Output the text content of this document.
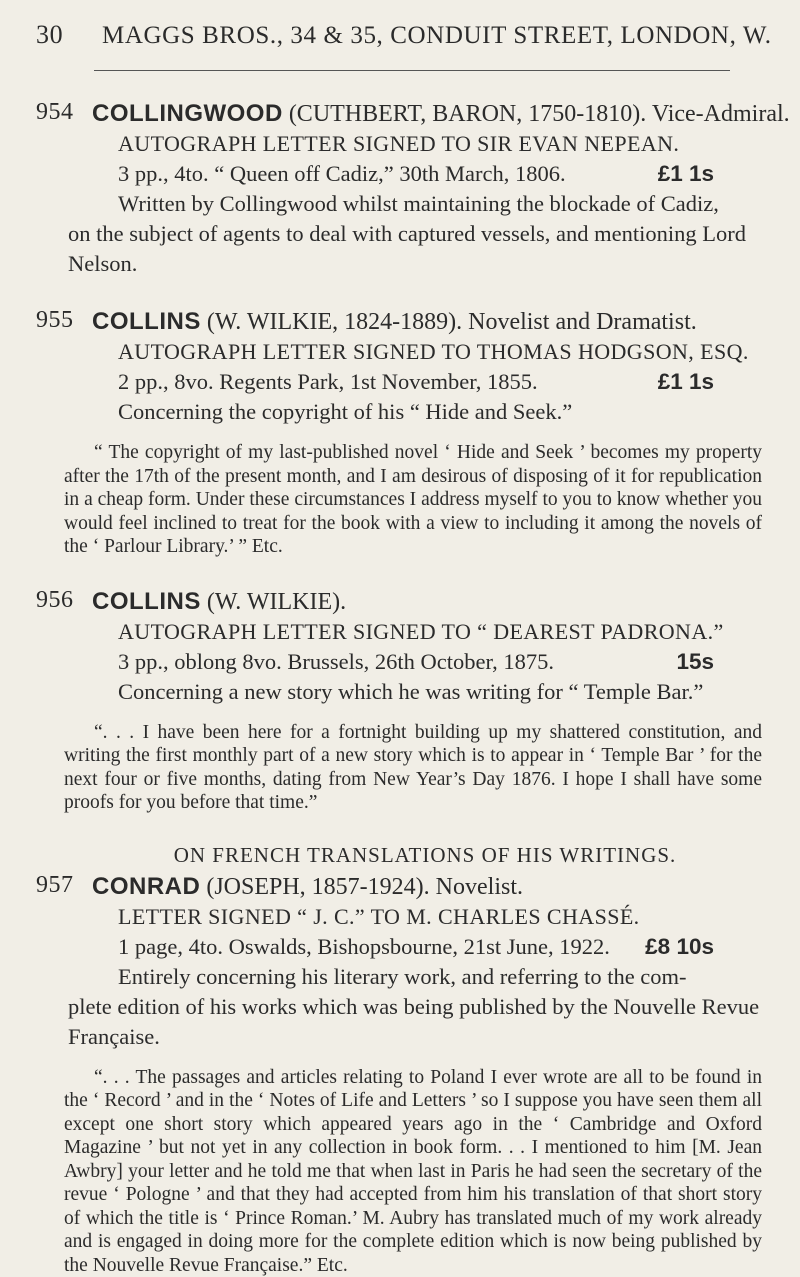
30	MAGGS BROS., 34 & 35, CONDUIT STREET, LONDON, W.
954 COLLINGWOOD (CUTHBERT, BARON, 1750-1810). Vice-Admiral.
AUTOGRAPH LETTER SIGNED TO SIR EVAN NEPEAN.
3 pp., 4to. “ Queen off Cadiz,” 30th March, 1806.	£1 1s
Written by Collingwood whilst maintaining the blockade of Cadiz,
on the subject of agents to deal with captured vessels, and mentioning Lord Nelson.
955 COLLINS (W. WILKIE, 1824-1889). Novelist and Dramatist.
AUTOGRAPH LETTER SIGNED TO THOMAS HODGSON, ESQ.
2 pp., 8vo. Regents Park, 1st November, 1855.	£1 1s
Concerning the copyright of his “ Hide and Seek.”
“ The copyright of my last-published novel ‘ Hide and Seek ’ becomes my property after the 17th of the present month, and I am desirous of disposing of it for republication in a cheap form. Under these circumstances I address myself to you to know whether you would feel inclined to treat for the book with a view to including it among the novels of the ‘ Parlour Library.’ ” Etc.
956 COLLINS (W. WILKIE).
AUTOGRAPH LETTER SIGNED TO “ DEAREST PADRONA.”
3 pp., oblong 8vo. Brussels, 26th October, 1875.	15s
Concerning a new story which he was writing for “ Temple Bar.”
“. . . I have been here for a fortnight building up my shattered constitution, and writing the first monthly part of a new story which is to appear in ‘ Temple Bar ’ for the next four or five months, dating from New Year’s Day 1876. I hope I shall have some proofs for you before that time.”
ON FRENCH TRANSLATIONS OF HIS WRITINGS.
957 CONRAD (JOSEPH, 1857-1924). Novelist.
LETTER SIGNED “ J. C.” TO M. CHARLES CHASSÉ.
1 page, 4to. Oswalds, Bishopsbourne, 21st June, 1922. £8 10s
Entirely concerning his literary work, and referring to the com-
plete edition of his works which was being published by the Nouvelle Revue Française.
“. . . The passages and articles relating to Poland I ever wrote are all to be found in the ‘ Record ’ and in the ‘ Notes of Life and Letters ’ so I suppose you have seen them all except one short story which appeared years ago in the ‘ Cambridge and Oxford Magazine ’ but not yet in any collection in book form. . . I mentioned to him [M. Jean Awbry] your letter and he told me that when last in Paris he had seen the secretary of the revue ‘ Pologne ’ and that they had accepted from him his translation of that short story of which the title is ‘ Prince Roman.’ M. Aubry has translated much of my work already and is engaged in doing more for the complete edition which is now being published by the Nouvelle Revue Française.” Etc.
